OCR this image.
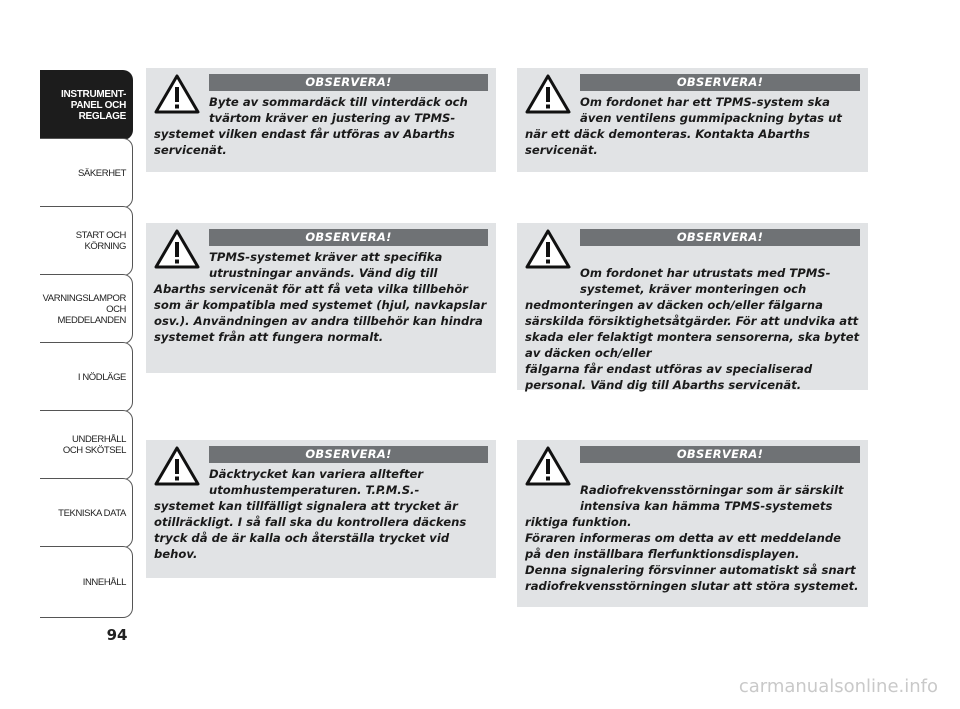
INSTRUMENT-
PANEL OCH
REGLAGE
SÄKERHET
START OCH
KÖRNING
VARNINGSLAMPOR
OCH
MEDDELANDEN
I NÖDLÄGE
UNDERHÅLL
OCH SKÖTSEL
TEKNISKA DATA
INNEHÅLL
94
OBSERVERA!
Byte av sommardäck till vinterdäck och tvärtom kräver en justering av TPMS-
systemet vilken endast får utföras av Abarths servicenät.
OBSERVERA!
Om fordonet har ett TPMS-system ska även ventilens gummipackning bytas ut
när ett däck demonteras. Kontakta Abarths servicenät.
OBSERVERA!
TPMS-systemet kräver att specifika utrustningar används. Vänd dig till
Abarths servicenät för att få veta vilka tillbehör som är kompatibla med systemet (hjul, navkapslar osv.). Användningen av andra tillbehör kan hindra systemet från att fungera normalt.
OBSERVERA!

Om fordonet har utrustats med TPMS-systemet, kräver monteringen och
nedmonteringen av däcken och/eller fälgarna särskilda försiktighetsåtgärder. För att undvika att skada eler felaktigt montera sensorerna, ska bytet av däcken och/eller
fälgarna får endast utföras av specialiserad personal. Vänd dig till Abarths servicenät.

OBSERVERA!
Däcktrycket kan variera alltefter utomhustemperaturen. T.P.M.S.-
systemet kan tillfälligt signalera att trycket är otillräckligt. I så fall ska du kontrollera däckens tryck då de är kalla och återställa trycket vid behov.
OBSERVERA!

Radiofrekvensstörningar som är särskilt intensiva kan hämma TPMS-systemets
riktiga funktion.
Föraren informeras om detta av ett meddelande på den inställbara flerfunktionsdisplayen.
Denna signalering försvinner automatiskt så snart radiofrekvensstörningen slutar att störa systemet.

carmanualsonline.info
